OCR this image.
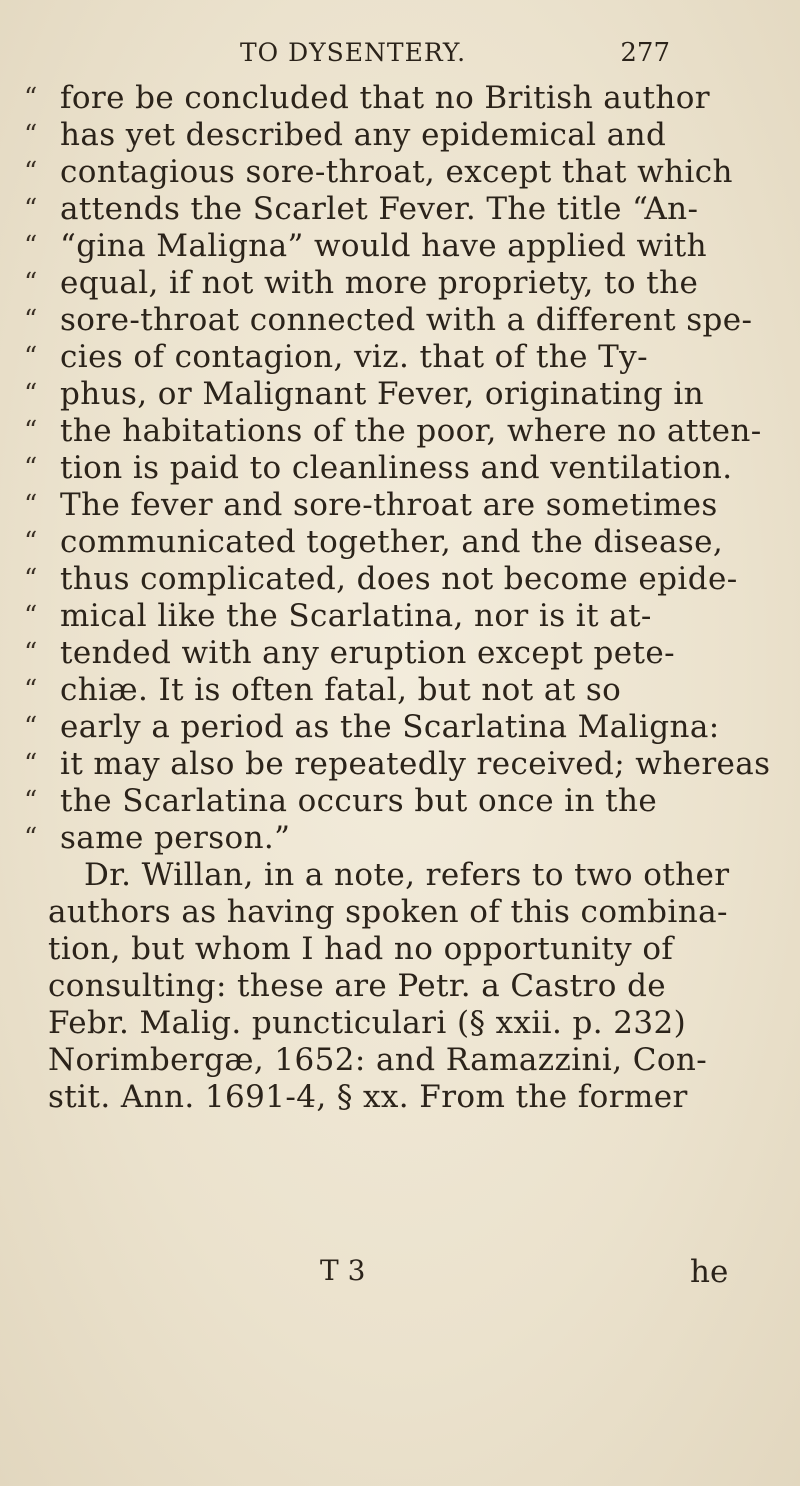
TO DYSENTERY.	277
“ fore be concluded that no British author
“ has yet described any epidemical and
“ contagious sore-throat, except that which
“ attends the Scarlet Fever. The title “An-
“ “gina Maligna” would have applied with
“ equal, if not with more propriety, to the
“ sore-throat connected with a different spe-
“ cies of contagion, viz. that of the Ty-
“ phus, or Malignant Fever, originating in
“ the habitations of the poor, where no atten-
“ tion is paid to cleanliness and ventilation.
“ The fever and sore-throat are sometimes
“ communicated together, and the disease,
“ thus complicated, does not become epide-
“ mical like the Scarlatina, nor is it at-
“ tended with any eruption except pete-
“ chiæ. It is often fatal, but not at so
“ early a period as the Scarlatina Maligna:
“ it may also be repeatedly received; whereas
“ the Scarlatina occurs but once in the
“ same person.”
Dr. Willan, in a note, refers to two other
authors as having spoken of this combina-
tion, but whom I had no opportunity of
consulting: these are Petr. a Castro de
Febr. Malig. puncticulari (§ xxii. p. 232)
Norimbergæ, 1652: and Ramazzini, Con-
stit. Ann. 1691-4, § xx. From the former
T 3	he
